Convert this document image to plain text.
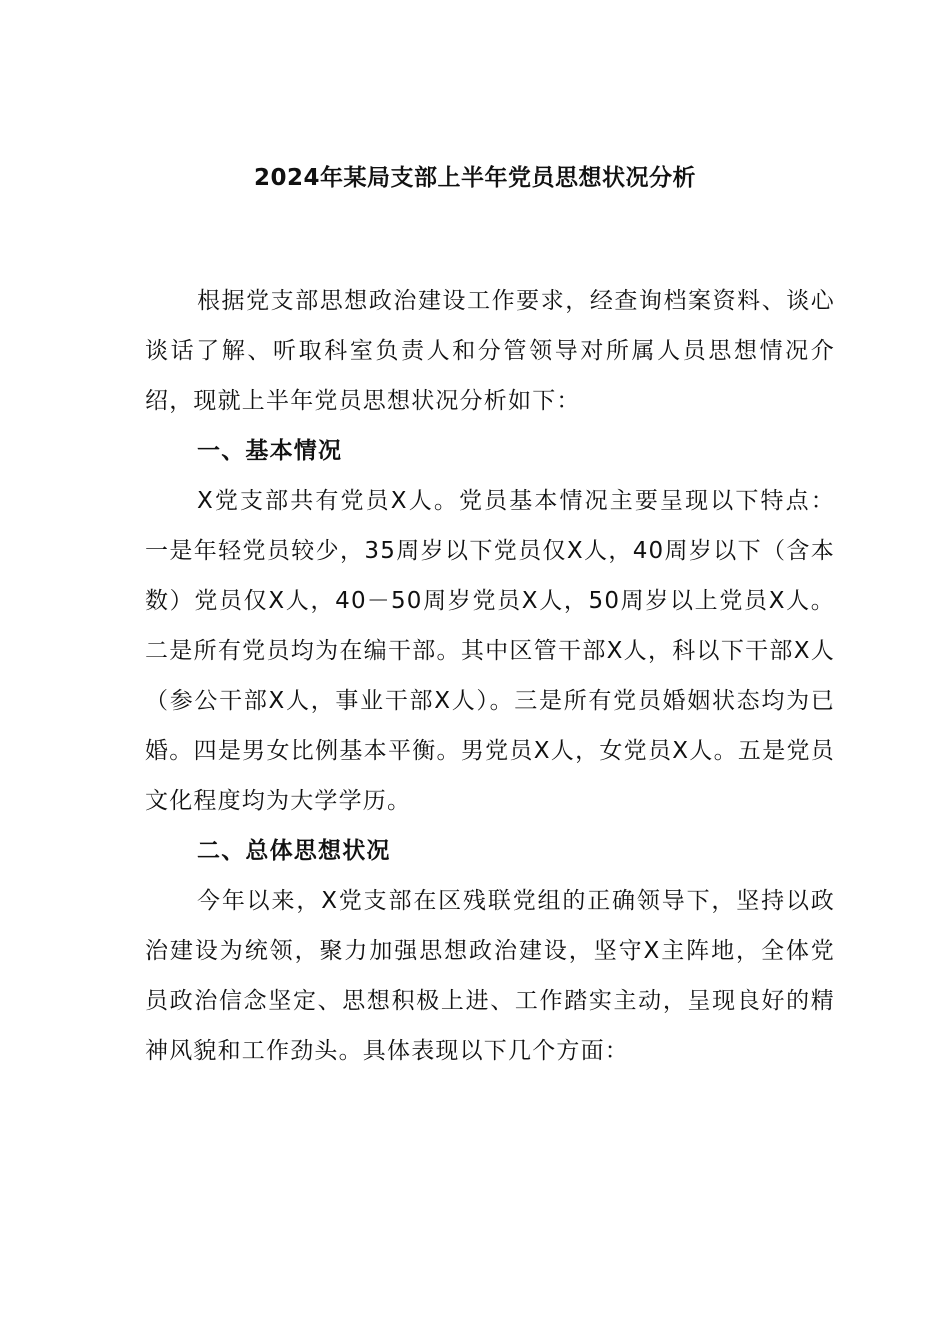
2024年某局支部上半年党员思想状况分析

根据党支部思想政治建设工作要求，经查询档案资料、谈心谈话了解、听取科室负责人和分管领导对所属人员思想情况介绍，现就上半年党员思想状况分析如下：

一、基本情况

X党支部共有党员X人。党员基本情况主要呈现以下特点：一是年轻党员较少，35周岁以下党员仅X人，40周岁以下（含本数）党员仅X人，40－50周岁党员X人，50周岁以上党员X人。二是所有党员均为在编干部。其中区管干部X人，科以下干部X人（参公干部X人，事业干部X人）。三是所有党员婚姻状态均为已婚。四是男女比例基本平衡。男党员X人，女党员X人。五是党员文化程度均为大学学历。

二、总体思想状况

今年以来，X党支部在区残联党组的正确领导下，坚持以政治建设为统领，聚力加强思想政治建设，坚守X主阵地，全体党员政治信念坚定、思想积极上进、工作踏实主动，呈现良好的精神风貌和工作劲头。具体表现以下几个方面：
